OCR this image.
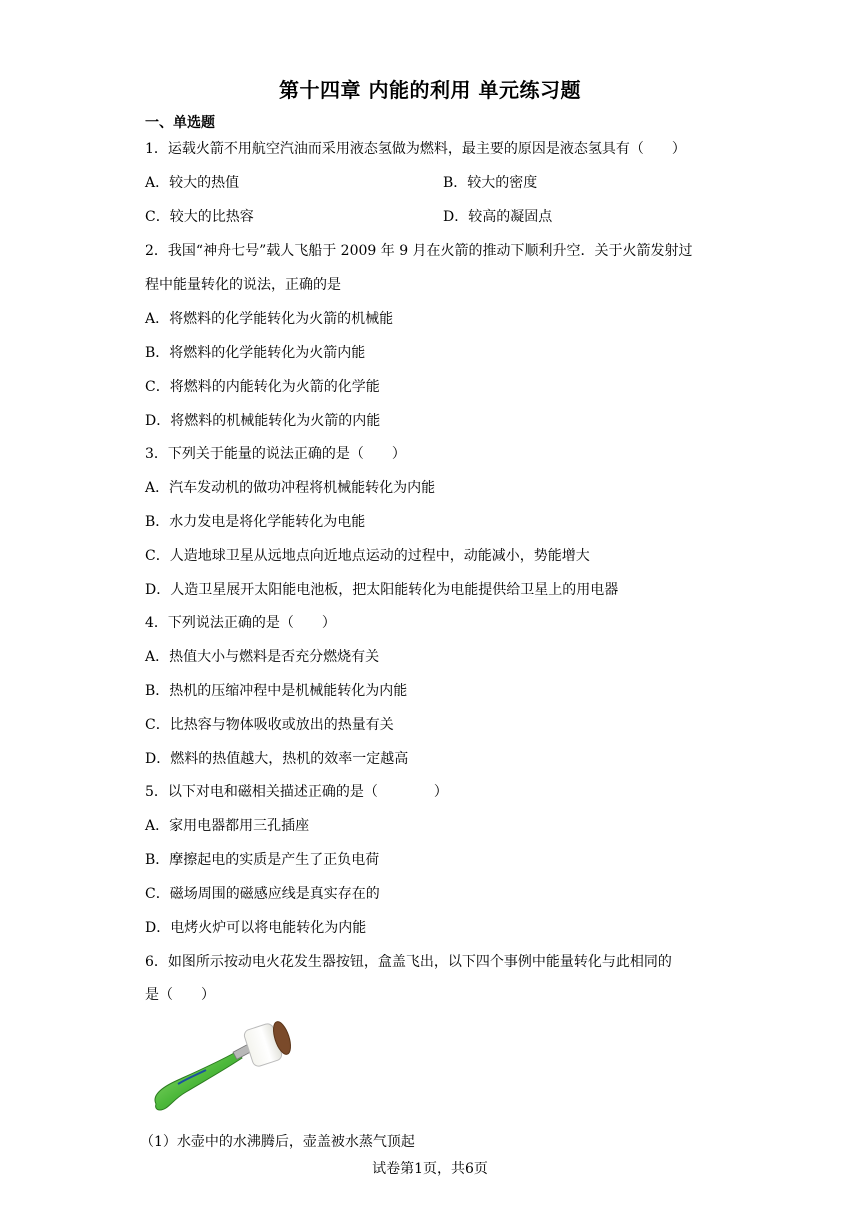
第十四章 内能的利用 单元练习题
一、单选题
1．运载火箭不用航空汽油而采用液态氢做为燃料，最主要的原因是液态氢具有（　　）
A．较大的热值	B．较大的密度
C．较大的比热容	D．较高的凝固点
2．我国“神舟七号”载人飞船于 2009 年 9 月在火箭的推动下顺利升空．关于火箭发射过
程中能量转化的说法，正确的是
A．将燃料的化学能转化为火箭的机械能
B．将燃料的化学能转化为火箭内能
C．将燃料的内能转化为火箭的化学能
D．将燃料的机械能转化为火箭的内能
3．下列关于能量的说法正确的是（　　）
A．汽车发动机的做功冲程将机械能转化为内能
B．水力发电是将化学能转化为电能
C．人造地球卫星从远地点向近地点运动的过程中，动能减小，势能增大
D．人造卫星展开太阳能电池板，把太阳能转化为电能提供给卫星上的用电器
4．下列说法正确的是（　　）
A．热值大小与燃料是否充分燃烧有关
B．热机的压缩冲程中是机械能转化为内能
C．比热容与物体吸收或放出的热量有关
D．燃料的热值越大，热机的效率一定越高
5．以下对电和磁相关描述正确的是（　　　　）
A．家用电器都用三孔插座
B．摩擦起电的实质是产生了正负电荷
C．磁场周围的磁感应线是真实存在的
D．电烤火炉可以将电能转化为内能
6．如图所示按动电火花发生器按钮，盒盖飞出，以下四个事例中能量转化与此相同的
是（　　）
（1）水壶中的水沸腾后，壶盖被水蒸气顶起
试卷第1页，共6页
